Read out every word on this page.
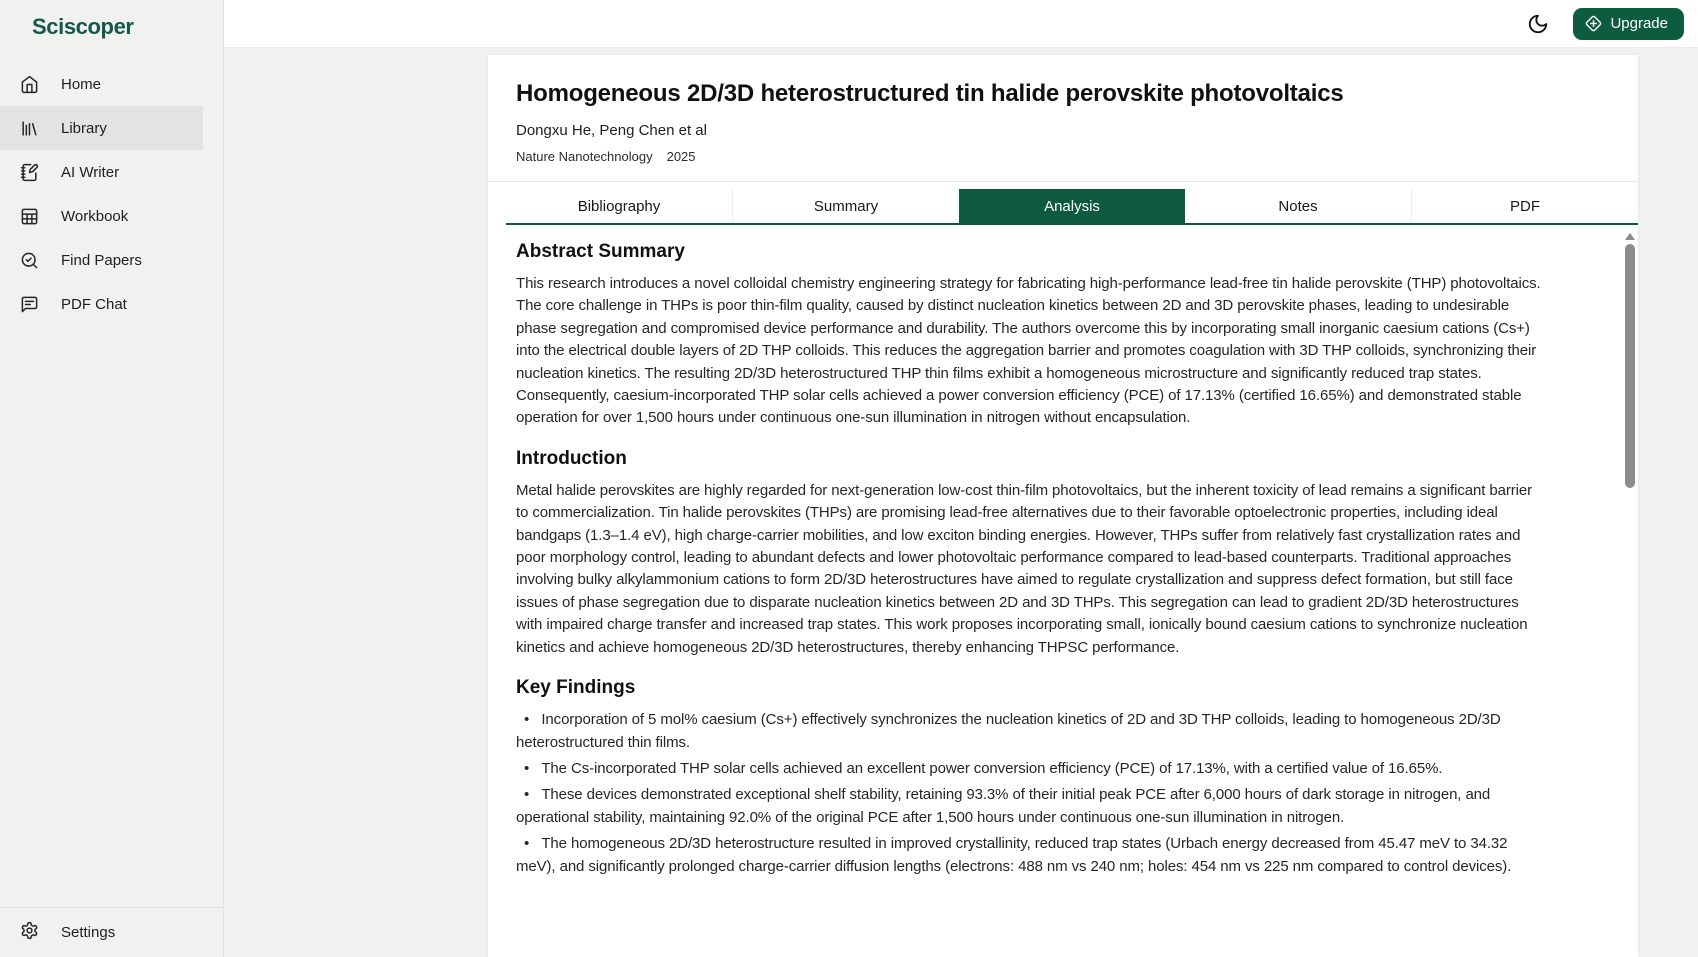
Sciscoper
Home
Library
AI Writer
Workbook
Find Papers
PDF Chat
Settings
Upgrade
Homogeneous 2D/3D heterostructured tin halide perovskite photovoltaics
Dongxu He, Peng Chen et al
Nature Nanotechnology 2025
Bibliography	Summary	Analysis	Notes	PDF
Abstract Summary

This research introduces a novel colloidal chemistry engineering strategy for fabricating high-performance lead-free tin halide perovskite (THP) photovoltaics. The core challenge in THPs is poor thin-film quality, caused by distinct nucleation kinetics between 2D and 3D perovskite phases, leading to undesirable phase segregation and compromised device performance and durability. The authors overcome this by incorporating small inorganic caesium cations (Cs+) into the electrical double layers of 2D THP colloids. This reduces the aggregation barrier and promotes coagulation with 3D THP colloids, synchronizing their nucleation kinetics. The resulting 2D/3D heterostructured THP thin films exhibit a homogeneous microstructure and significantly reduced trap states. Consequently, caesium-incorporated THP solar cells achieved a power conversion efficiency (PCE) of 17.13% (certified 16.65%) and demonstrated stable operation for over 1,500 hours under continuous one-sun illumination in nitrogen without encapsulation.

Introduction

Metal halide perovskites are highly regarded for next-generation low-cost thin-film photovoltaics, but the inherent toxicity of lead remains a significant barrier to commercialization. Tin halide perovskites (THPs) are promising lead-free alternatives due to their favorable optoelectronic properties, including ideal bandgaps (1.3–1.4 eV), high charge-carrier mobilities, and low exciton binding energies. However, THPs suffer from relatively fast crystallization rates and poor morphology control, leading to abundant defects and lower photovoltaic performance compared to lead-based counterparts. Traditional approaches involving bulky alkylammonium cations to form 2D/3D heterostructures have aimed to regulate crystallization and suppress defect formation, but still face issues of phase segregation due to disparate nucleation kinetics between 2D and 3D THPs. This segregation can lead to gradient 2D/3D heterostructures with impaired charge transfer and increased trap states. This work proposes incorporating small, ionically bound caesium cations to synchronize nucleation kinetics and achieve homogeneous 2D/3D heterostructures, thereby enhancing THPSC performance.

Key Findings

•   Incorporation of 5 mol% caesium (Cs+) effectively synchronizes the nucleation kinetics of 2D and 3D THP colloids, leading to homogeneous 2D/3D heterostructured thin films.

•   The Cs-incorporated THP solar cells achieved an excellent power conversion efficiency (PCE) of 17.13%, with a certified value of 16.65%.

•   These devices demonstrated exceptional shelf stability, retaining 93.3% of their initial peak PCE after 6,000 hours of dark storage in nitrogen, and operational stability, maintaining 92.0% of the original PCE after 1,500 hours under continuous one-sun illumination in nitrogen.

•   The homogeneous 2D/3D heterostructure resulted in improved crystallinity, reduced trap states (Urbach energy decreased from 45.47 meV to 34.32 meV), and significantly prolonged charge-carrier diffusion lengths (electrons: 488 nm vs 240 nm; holes: 454 nm vs 225 nm compared to control devices).
